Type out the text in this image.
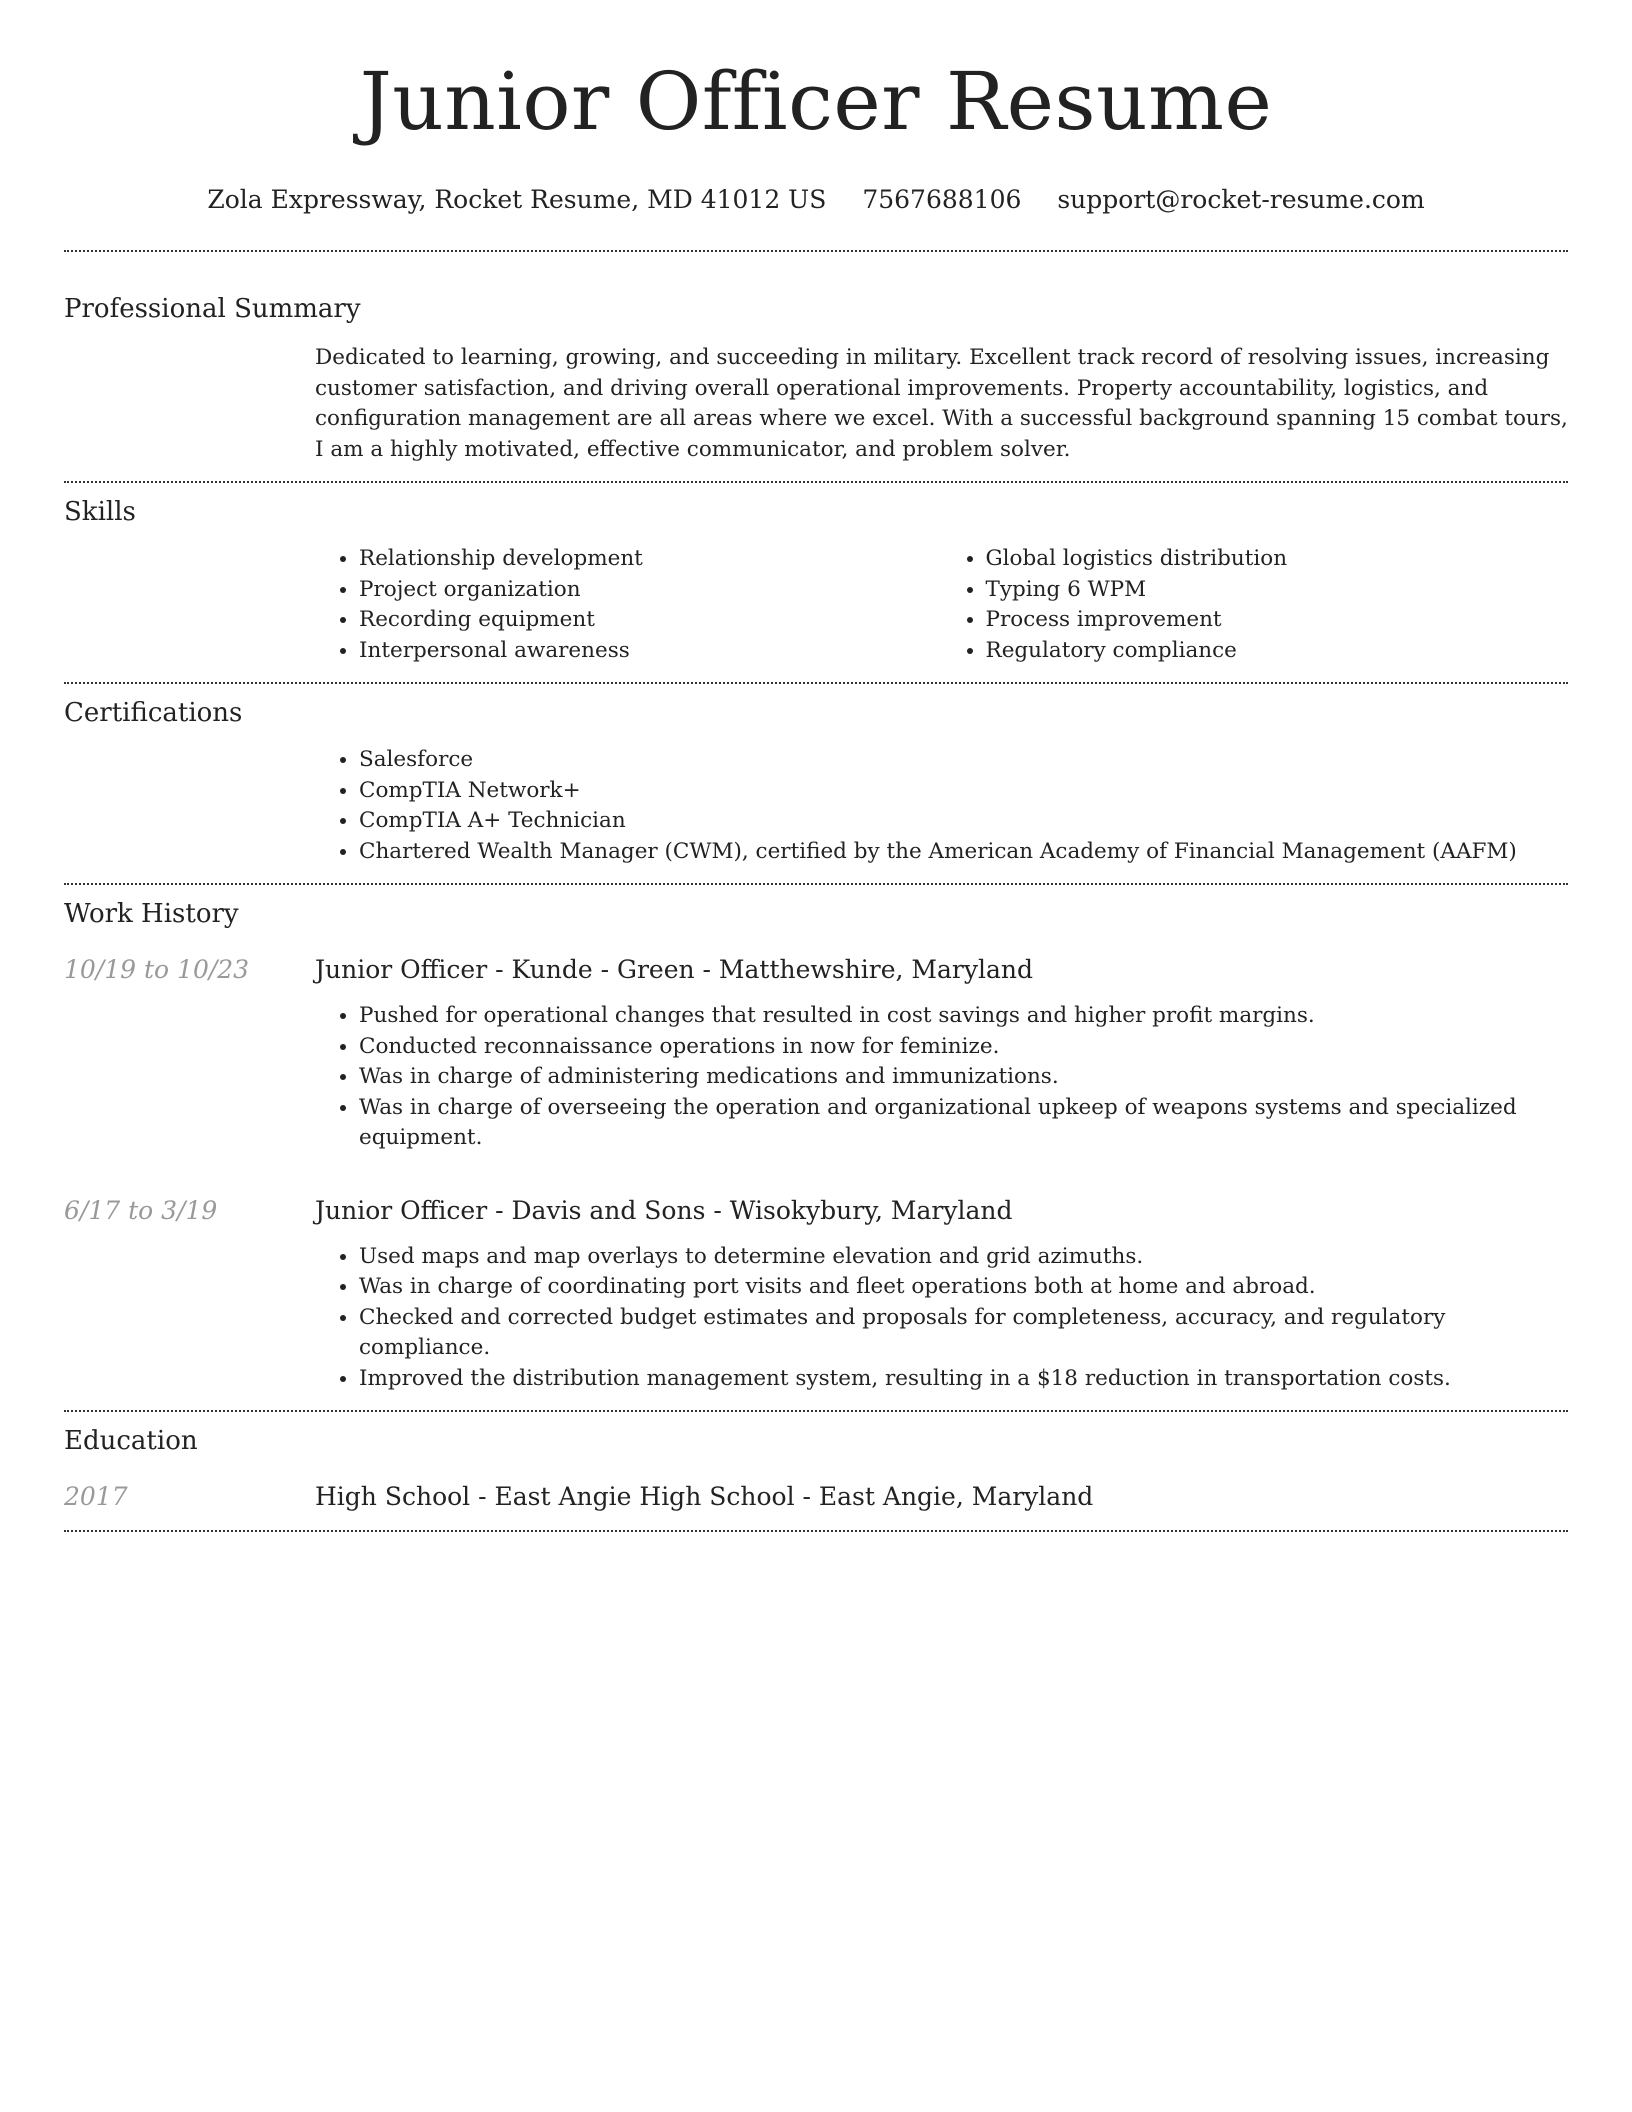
Junior Officer Resume
Zola Expressway, Rocket Resume, MD 41012 US 7567688106 support@rocket-resume.com
Professional Summary
Dedicated to learning, growing, and succeeding in military. Excellent track record of resolving issues, increasing customer satisfaction, and driving overall operational improvements. Property accountability, logistics, and configuration management are all areas where we excel. With a successful background spanning 15 combat tours, I am a highly motivated, effective communicator, and problem solver.
Skills
• Relationship development
• Project organization
• Recording equipment
• Interpersonal awareness
• Global logistics distribution
• Typing 6 WPM
• Process improvement
• Regulatory compliance
Certifications
• Salesforce
• CompTIA Network+
• CompTIA A+ Technician
• Chartered Wealth Manager (CWM), certified by the American Academy of Financial Management (AAFM)
Work History
10/19 to 10/23	Junior Officer - Kunde - Green - Matthewshire, Maryland
• Pushed for operational changes that resulted in cost savings and higher profit margins.
• Conducted reconnaissance operations in now for feminize.
• Was in charge of administering medications and immunizations.
• Was in charge of overseeing the operation and organizational upkeep of weapons systems and specialized equipment.
6/17 to 3/19	Junior Officer - Davis and Sons - Wisokybury, Maryland
• Used maps and map overlays to determine elevation and grid azimuths.
• Was in charge of coordinating port visits and fleet operations both at home and abroad.
• Checked and corrected budget estimates and proposals for completeness, accuracy, and regulatory compliance.
• Improved the distribution management system, resulting in a $18 reduction in transportation costs.
Education
2017	High School - East Angie High School - East Angie, Maryland
